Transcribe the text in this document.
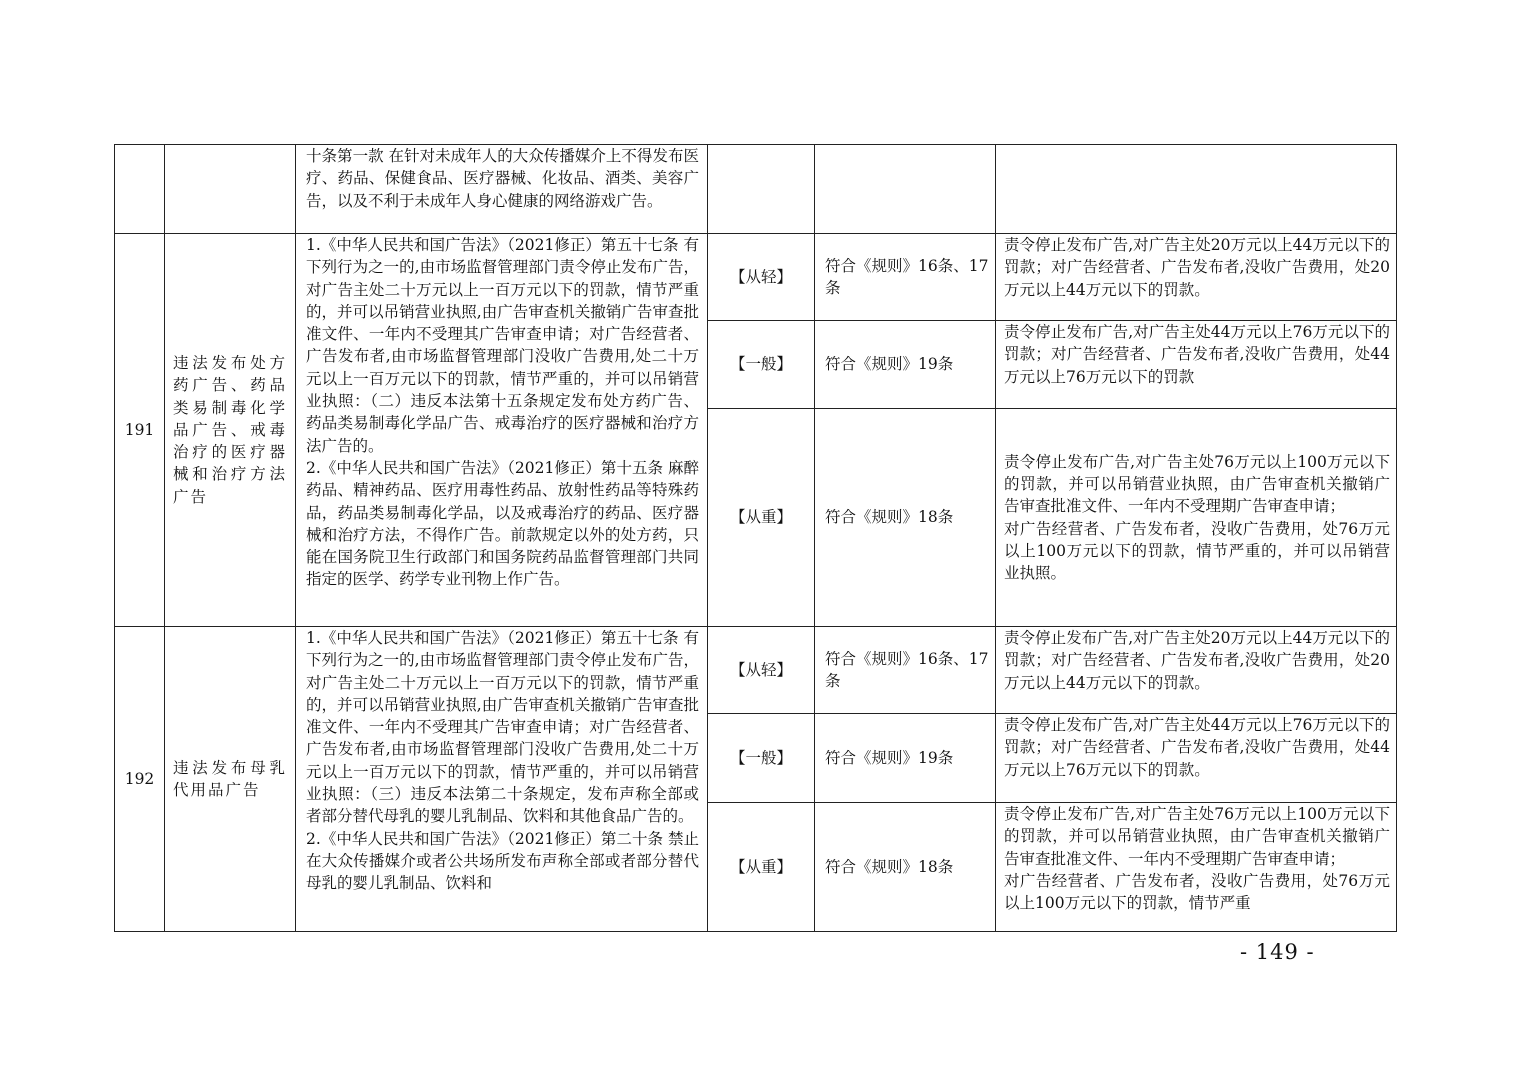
		十条第一款 在针对未成年人的大众传播媒介上不得发布医疗、药品、保健食品、医疗器械、化妆品、酒类、美容广告，以及不利于未成年人身心健康的网络游戏广告。			
191	违法发布处方药广告、药品类易制毒化学品广告、戒毒治疗的医疗器械和治疗方法广告	1.《中华人民共和国广告法》（2021修正）第五十七条 有下列行为之一的,由市场监督管理部门责令停止发布广告，对广告主处二十万元以上一百万元以下的罚款，情节严重的，并可以吊销营业执照,由广告审查机关撤销广告审查批准文件、一年内不受理其广告审查申请；对广告经营者、广告发布者,由市场监督管理部门没收广告费用,处二十万元以上一百万元以下的罚款，情节严重的，并可以吊销营业执照：（二）违反本法第十五条规定发布处方药广告、药品类易制毒化学品广告、戒毒治疗的医疗器械和治疗方法广告的。
2.《中华人民共和国广告法》（2021修正）第十五条 麻醉药品、精神药品、医疗用毒性药品、放射性药品等特殊药品，药品类易制毒化学品，以及戒毒治疗的药品、医疗器械和治疗方法，不得作广告。前款规定以外的处方药，只能在国务院卫生行政部门和国务院药品监督管理部门共同指定的医学、药学专业刊物上作广告。	【从轻】	符合《规则》16条、17条	责令停止发布广告,对广告主处20万元以上44万元以下的罚款；对广告经营者、广告发布者,没收广告费用，处20万元以上44万元以下的罚款。
			【一般】	符合《规则》19条	责令停止发布广告,对广告主处44万元以上76万元以下的罚款；对广告经营者、广告发布者,没收广告费用，处44万元以上76万元以下的罚款
			【从重】	符合《规则》18条	责令停止发布广告,对广告主处76万元以上100万元以下的罚款，并可以吊销营业执照，由广告审查机关撤销广告审查批准文件、一年内不受理期广告审查申请；
对广告经营者、广告发布者，没收广告费用，处76万元以上100万元以下的罚款，情节严重的，并可以吊销营业执照。
192	违法发布母乳代用品广告	1.《中华人民共和国广告法》（2021修正）第五十七条 有下列行为之一的,由市场监督管理部门责令停止发布广告，对广告主处二十万元以上一百万元以下的罚款，情节严重的，并可以吊销营业执照,由广告审查机关撤销广告审查批准文件、一年内不受理其广告审查申请；对广告经营者、广告发布者,由市场监督管理部门没收广告费用,处二十万元以上一百万元以下的罚款，情节严重的，并可以吊销营业执照：（三）违反本法第二十条规定，发布声称全部或者部分替代母乳的婴儿乳制品、饮料和其他食品广告的。
2.《中华人民共和国广告法》（2021修正）第二十条 禁止在大众传播媒介或者公共场所发布声称全部或者部分替代母乳的婴儿乳制品、饮料和	【从轻】	符合《规则》16条、17条	责令停止发布广告,对广告主处20万元以上44万元以下的罚款；对广告经营者、广告发布者,没收广告费用，处20万元以上44万元以下的罚款。
			【一般】	符合《规则》19条	责令停止发布广告,对广告主处44万元以上76万元以下的罚款；对广告经营者、广告发布者,没收广告费用，处44万元以上76万元以下的罚款。
			【从重】	符合《规则》18条	责令停止发布广告,对广告主处76万元以上100万元以下的罚款，并可以吊销营业执照，由广告审查机关撤销广告审查批准文件、一年内不受理期广告审查申请；
对广告经营者、广告发布者，没收广告费用，处76万元以上100万元以下的罚款，情节严重
- 149 -
